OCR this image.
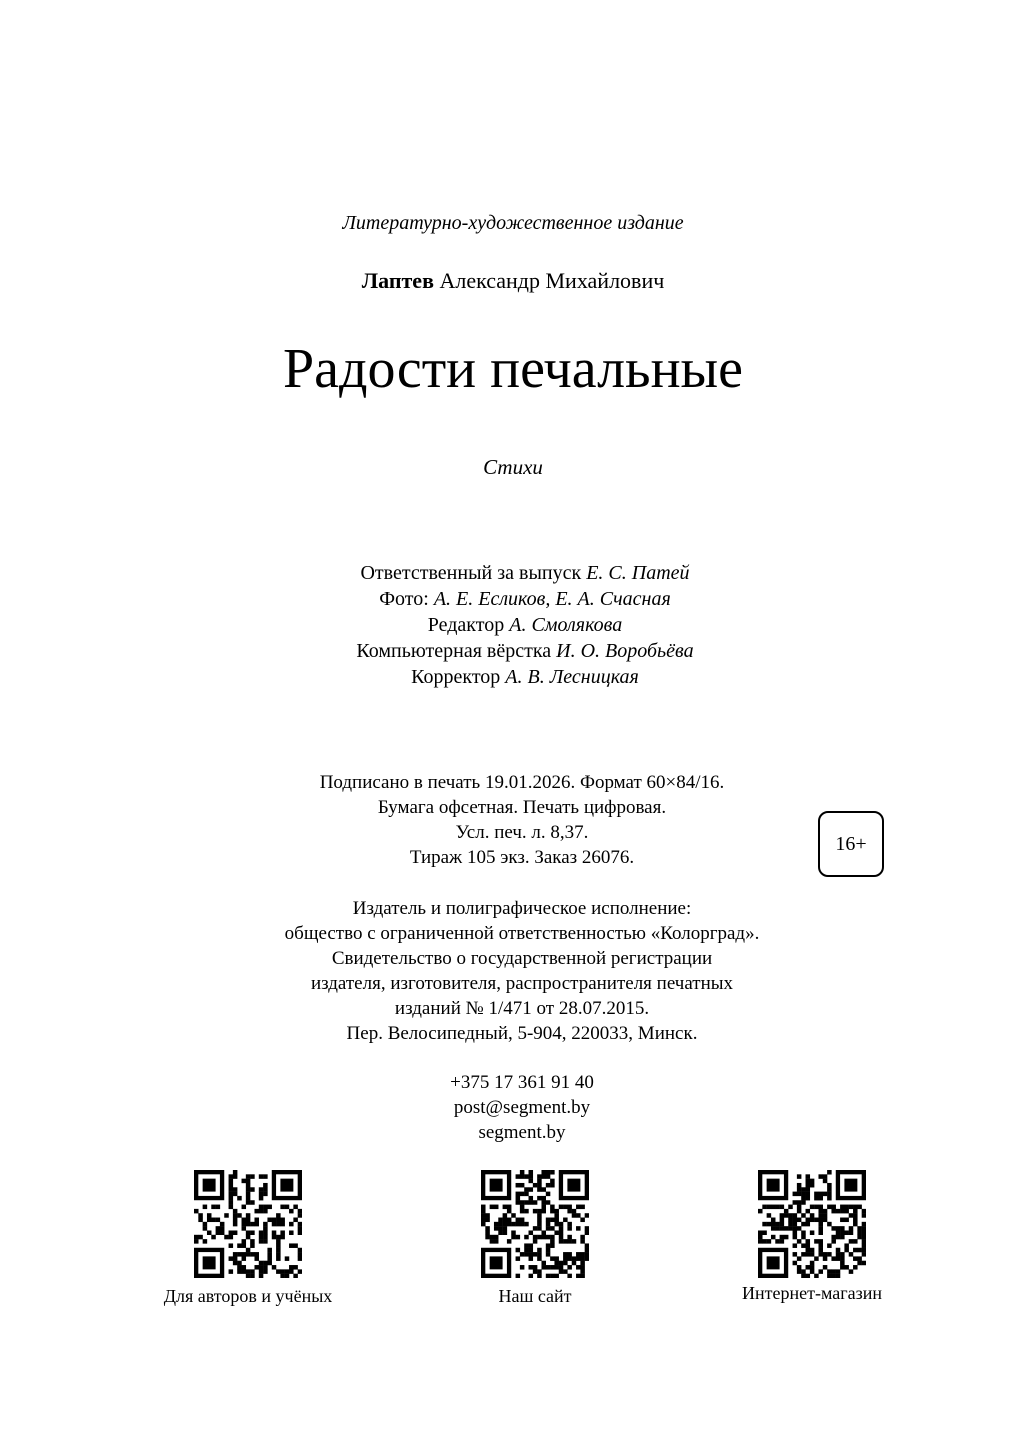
Литературно-художественное издание
Лаптев Александр Михайлович
Радости печальные
Стихи
Ответственный за выпуск Е. С. Патей
Фото: А. Е. Есликов, Е. А. Счасная
Редактор А. Смолякова
Компьютерная вёрстка И. О. Воробьёва
Корректор А. В. Лесницкая
Подписано в печать 19.01.2026. Формат 60×84/16.
Бумага офсетная. Печать цифровая.
Усл. печ. л. 8,37.
Тираж 105 экз. Заказ 26076.
16+
Издатель и полиграфическое исполнение:
общество с ограниченной ответственностью «Колорград».
Свидетельство о государственной регистрации
издателя, изготовителя, распространителя печатных
изданий № 1/471 от 28.07.2015.
Пер. Велосипедный, 5-904, 220033, Минск.
+375 17 361 91 40
post@segment.by
segment.by
Для авторов и учёных	Наш сайт	Интернет-магазин
